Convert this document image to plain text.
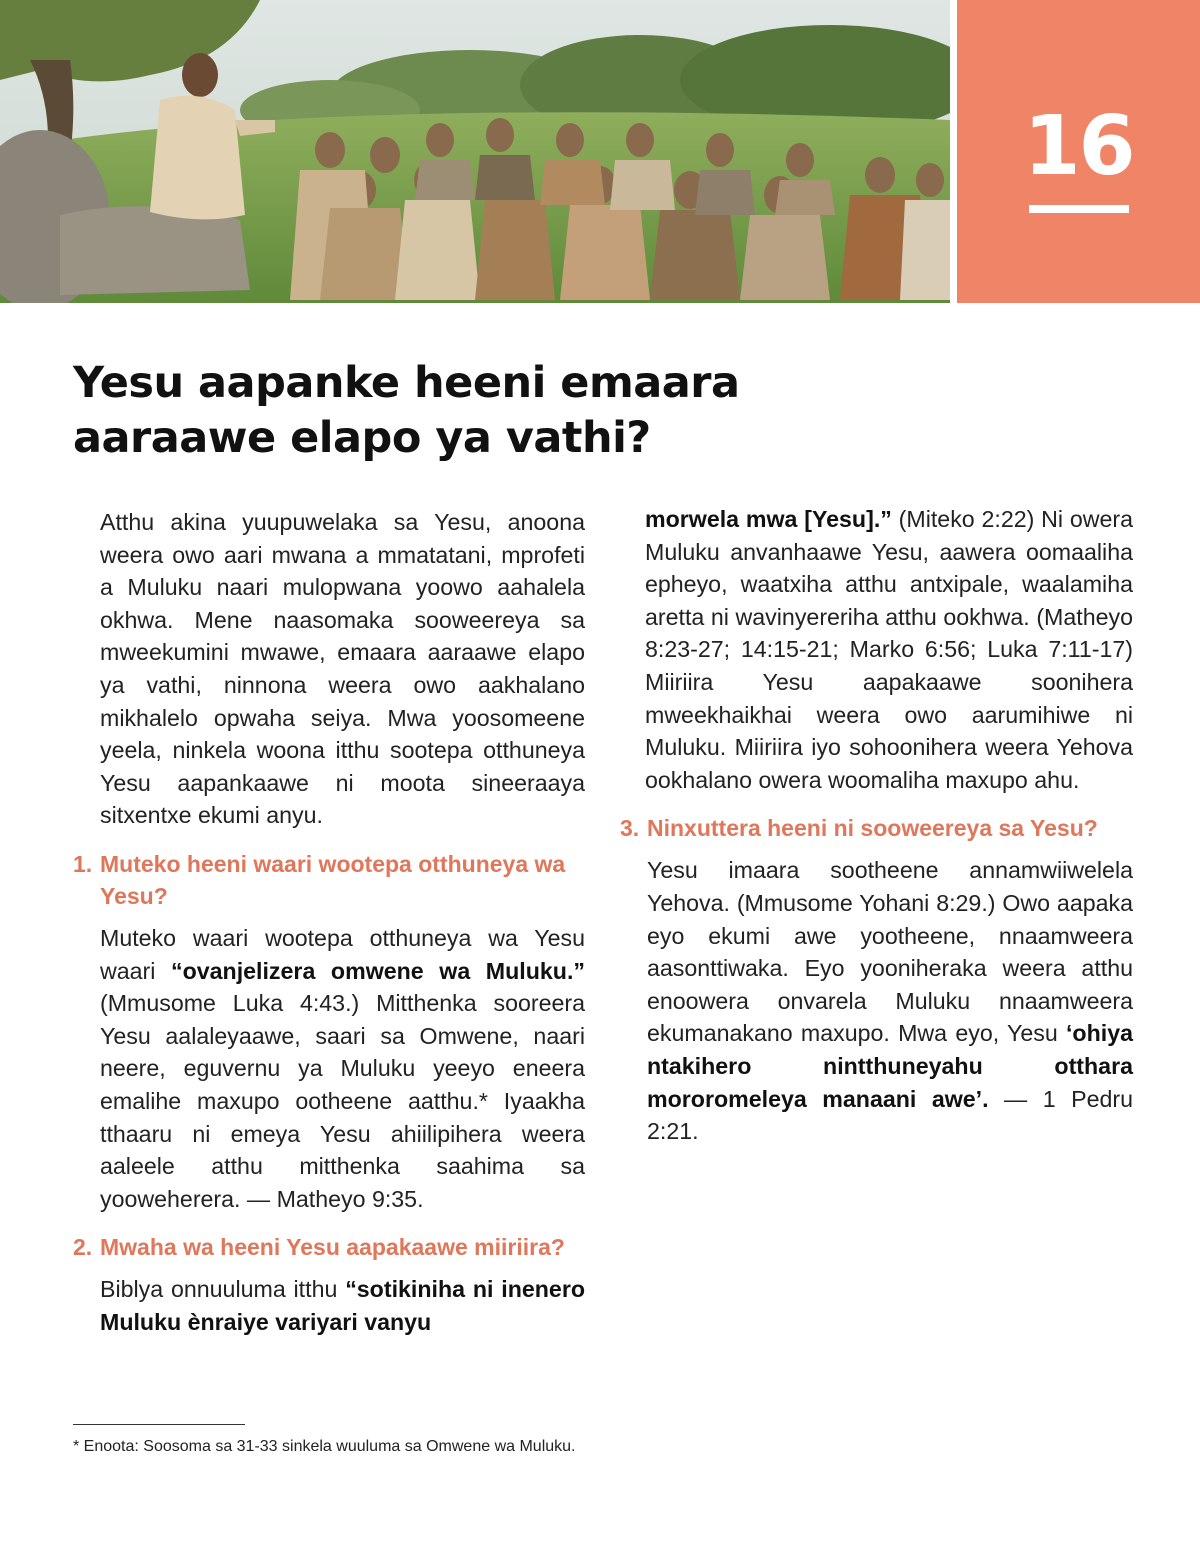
16
Yesu aapanke heeni emaara aaraawe elapo ya vathi?

Atthu akina yuupuwelaka sa Yesu, anoona weera owo aari mwana a mmatatani, mprofeti a Muluku naari mulopwana yoowo aahalela okhwa. Mene naasomaka sooweereya sa mweekumini mwawe, emaara aaraawe elapo ya vathi, ninnona weera owo aakhalano mikhalelo opwaha seiya. Mwa yoosomeene yeela, ninkela woona itthu sootepa otthuneya Yesu aapankaawe ni moota sineeraaya sitxentxe ekumi anyu.

1. Muteko heeni waari wootepa otthuneya wa Yesu?

Muteko waari wootepa otthuneya wa Yesu waari “ovanjelizera omwene wa Muluku.” (Mmusome Luka 4:43.) Mitthenka sooreera Yesu aalaleyaawe, saari sa Omwene, naari neere, eguvernu ya Muluku yeeyo eneera emalihe maxupo ootheene aatthu.* Iyaakha tthaaru ni emeya Yesu ahiilipihera weera aaleele atthu mitthenka saahima sa yooweherera. — Matheyo 9:35.

2. Mwaha wa heeni Yesu aapakaawe miiriira?

Biblya onnuuluma itthu “sotikiniha ni inenero Muluku ènraiye variyari vanyu

morwela mwa [Yesu].” (Miteko 2:22) Ni owera Muluku anvanhaawe Yesu, aawera oomaaliha epheyo, waatxiha atthu antxipale, waalamiha aretta ni wavinyereriha atthu ookhwa. (Matheyo 8:23-27; 14:15-21; Marko 6:56; Luka 7:11-17) Miiriira Yesu aapakaawe soonihera mweekhaikhai weera owo aarumihiwe ni Muluku. Miiriira iyo sohoonihera weera Yehova ookhalano owera woomaliha maxupo ahu.

3. Ninxuttera heeni ni sooweereya sa Yesu?

Yesu imaara sootheene annamwiiwelela Yehova. (Mmusome Yohani 8:29.) Owo aapaka eyo ekumi awe yootheene, nnaamweera aasonttiwaka. Eyo yooniheraka weera atthu enoowera onvarela Muluku nnaamweera ekumanakano maxupo. Mwa eyo, Yesu ‘ohiya ntakihero nintthuneyahu otthara mororomeleya manaani awe’. — 1 Pedru 2:21.

* Enoota: Soosoma sa 31-33 sinkela wuuluma sa Omwene wa Muluku.
